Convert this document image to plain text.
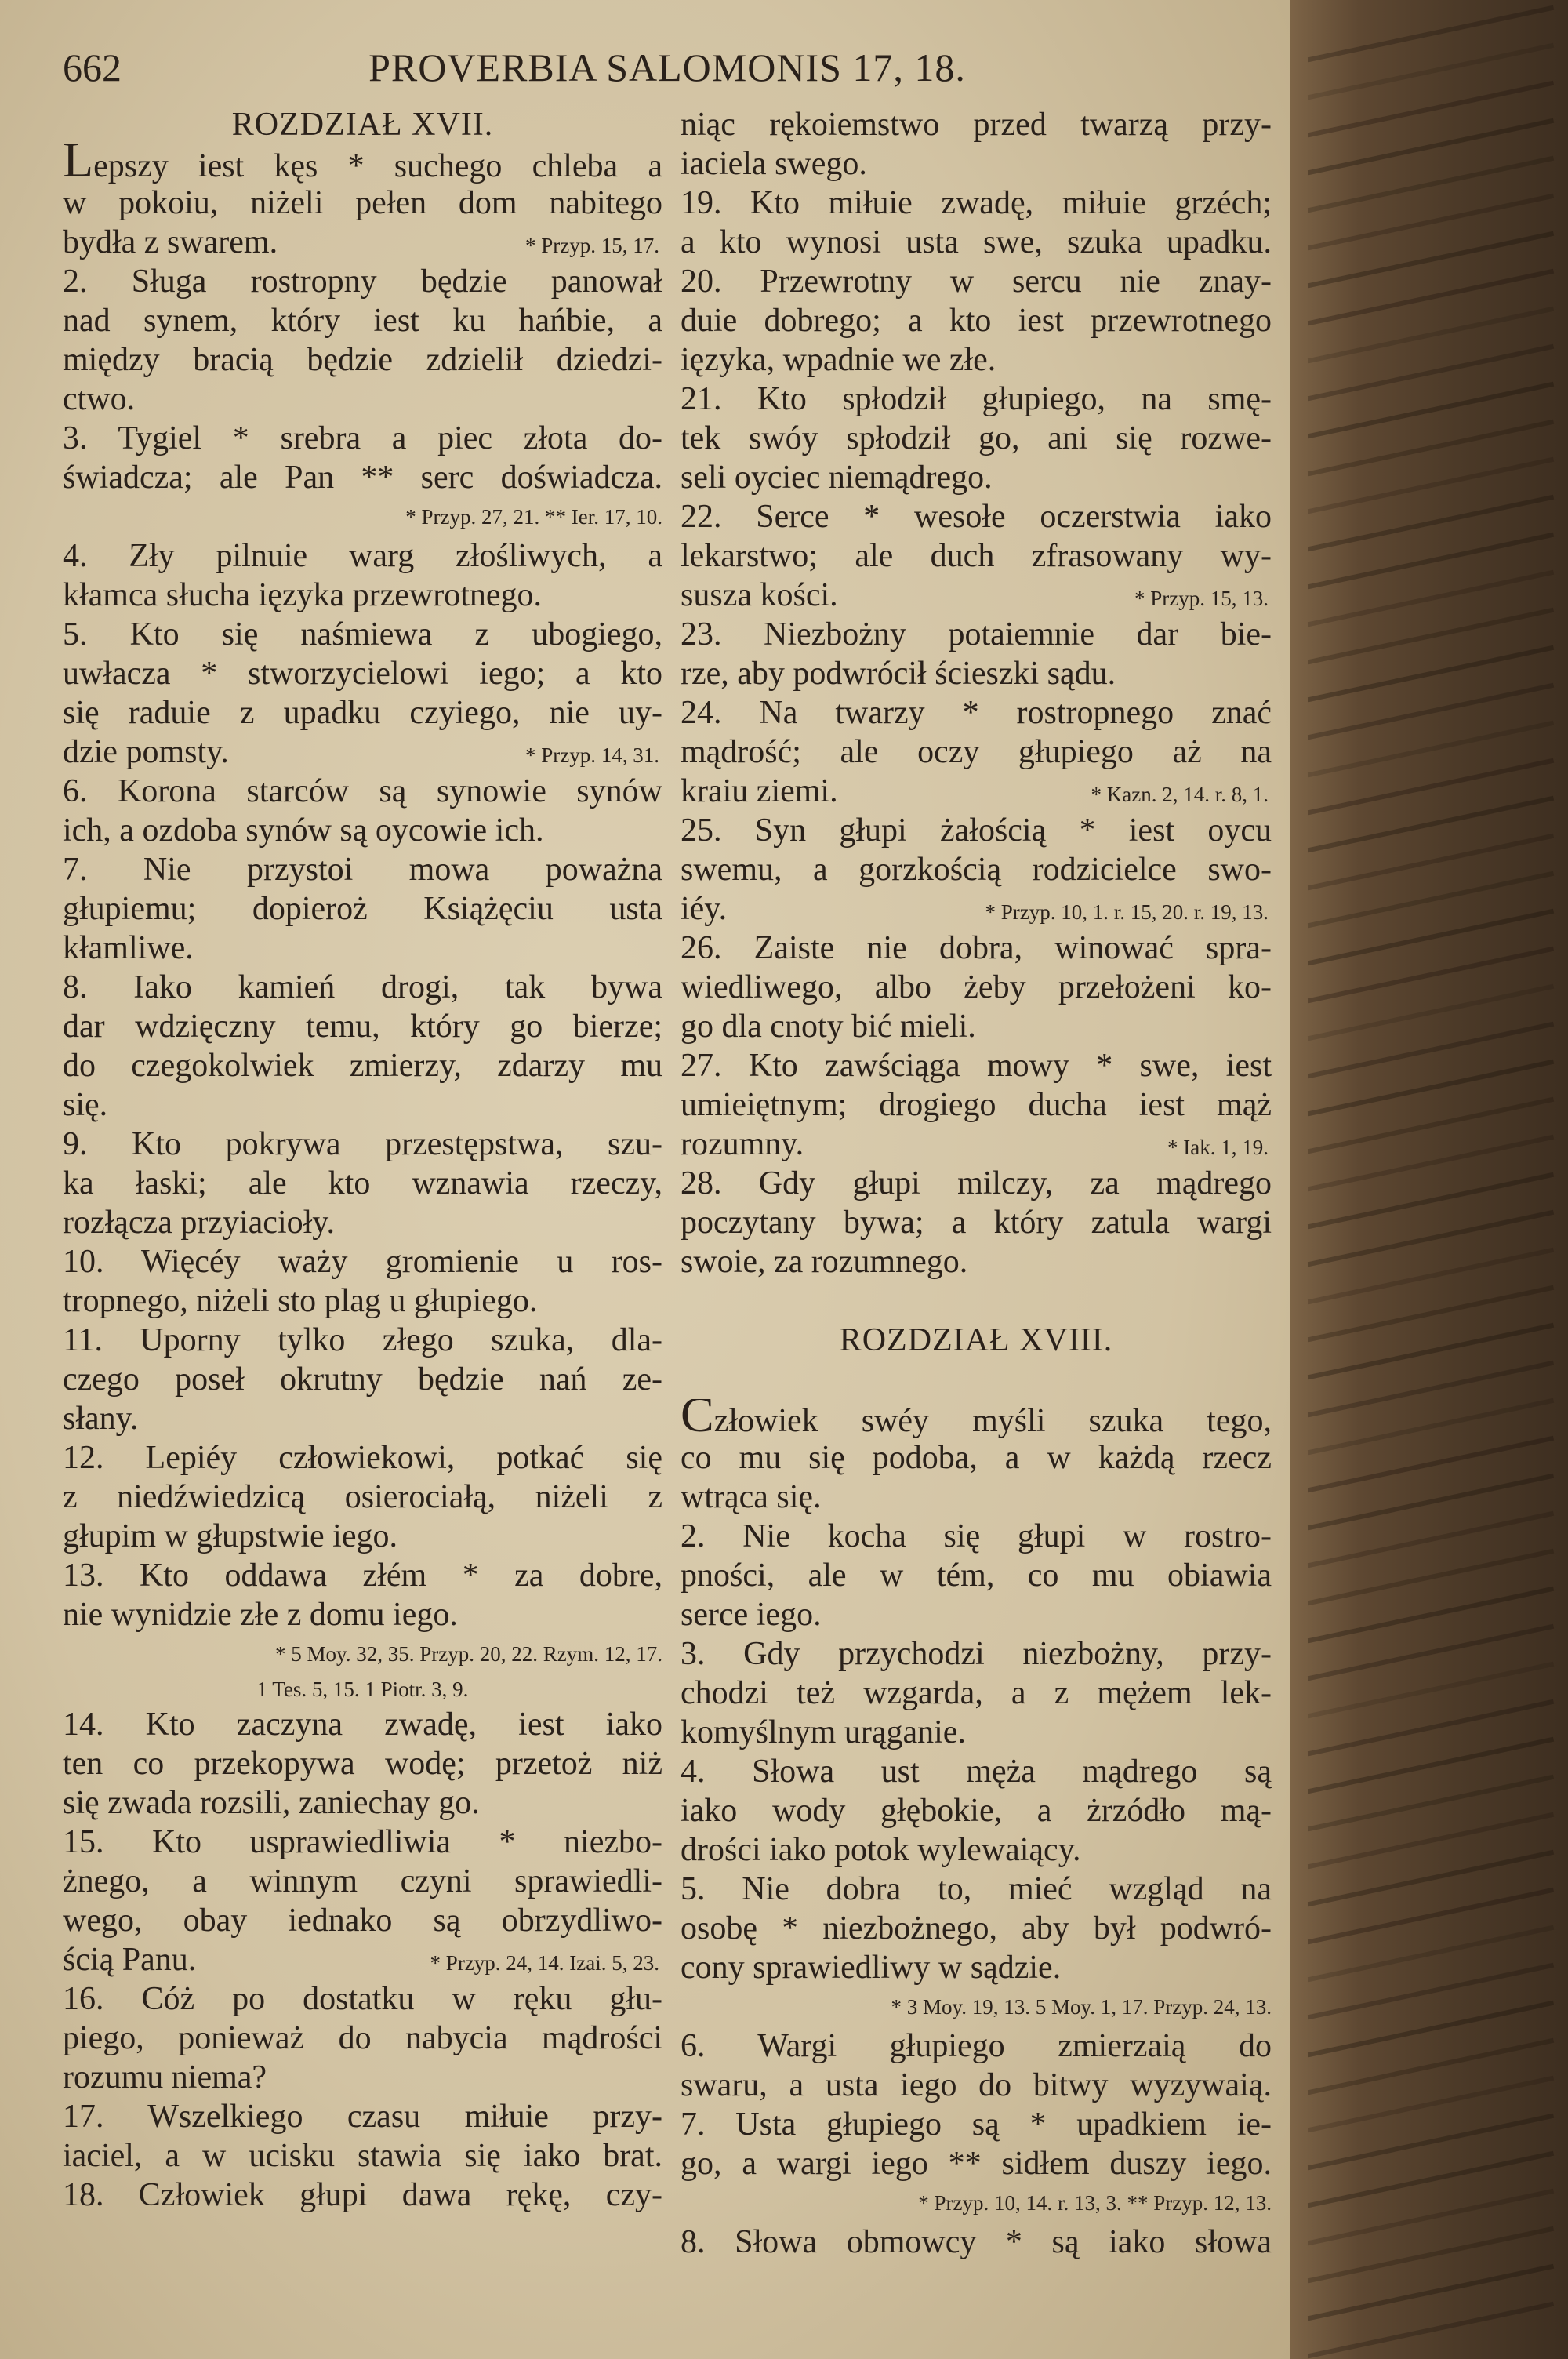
PROVERBIA SALOMONIS 17, 18.
662
ROZDZIAŁ XVII.
Lepszy iest kęs * suchego chleba a
w pokoiu, niżeli pełen dom nabitego
bydła z swarem.	* Przyp. 15, 17.
2. Sługa rostropny będzie panował
nad synem, który iest ku hańbie, a
między bracią będzie zdzielił dziedzi-
ctwo.
3. Tygiel * srebra a piec złota do-
świadcza; ale Pan ** serc doświadcza.
* Przyp. 27, 21. ** Ier. 17, 10.
4. Zły pilnuie warg złośliwych, a
kłamca słucha ięzyka przewrotnego.
5. Kto się naśmiewa z ubogiego,
uwłacza * stworzycielowi iego; a kto
się raduie z upadku czyiego, nie uy-
dzie pomsty.	* Przyp. 14, 31.
6. Korona starców są synowie synów
ich, a ozdoba synów są oycowie ich.
7. Nie przystoi mowa poważna
głupiemu; dopieroż Książęciu usta
kłamliwe.
8. Iako kamień drogi, tak bywa
dar wdzięczny temu, który go bierze;
do czegokolwiek zmierzy, zdarzy mu
się.
9. Kto pokrywa przestępstwa, szu-
ka łaski; ale kto wznawia rzeczy,
rozłącza przyiacioły.
10. Więcéy waży gromienie u ros-
tropnego, niżeli sto plag u głupiego.
11. Uporny tylko złego szuka, dla-
czego poseł okrutny będzie nań ze-
słany.
12. Lepiéy człowiekowi, potkać się
z niedźwiedzicą osierociałą, niżeli z
głupim w głupstwie iego.
13. Kto oddawa złém * za dobre,
nie wynidzie złe z domu iego.
* 5 Moy. 32, 35. Przyp. 20, 22. Rzym. 12, 17.
1 Tes. 5, 15. 1 Piotr. 3, 9.
14. Kto zaczyna zwadę, iest iako
ten co przekopywa wodę; przetoż niż
się zwada rozsili, zaniechay go.
15. Kto usprawiedliwia * niezbo-
żnego, a winnym czyni sprawiedli-
wego, obay iednako są obrzydliwo-
ścią Panu.	* Przyp. 24, 14. Izai. 5, 23.
16. Cóż po dostatku w ręku głu-
piego, ponieważ do nabycia mądrości
rozumu niema?
17. Wszelkiego czasu miłuie przy-
iaciel, a w ucisku stawia się iako brat.
18. Człowiek głupi dawa rękę, czy-
niąc rękoiemstwo przed twarzą przy-
iaciela swego.
19. Kto miłuie zwadę, miłuie grzéch;
a kto wynosi usta swe, szuka upadku.
20. Przewrotny w sercu nie znay-
duie dobrego; a kto iest przewrotnego
ięzyka, wpadnie we złe.
21. Kto spłodził głupiego, na smę-
tek swóy spłodził go, ani się rozwe-
seli oyciec niemądrego.
22. Serce * wesołe oczerstwia iako
lekarstwo; ale duch zfrasowany wy-
susza kości.	* Przyp. 15, 13.
23. Niezbożny potaiemnie dar bie-
rze, aby podwrócił ścieszki sądu.
24. Na twarzy * rostropnego znać
mądrość; ale oczy głupiego aż na
kraiu ziemi.	* Kazn. 2, 14. r. 8, 1.
25. Syn głupi żałością * iest oycu
swemu, a gorzkością rodzicielce swo-
iéy.	* Przyp. 10, 1. r. 15, 20. r. 19, 13.
26. Zaiste nie dobra, winować spra-
wiedliwego, albo żeby przełożeni ko-
go dla cnoty bić mieli.
27. Kto zawściąga mowy * swe, iest
umieiętnym; drogiego ducha iest mąż
rozumny.	* Iak. 1, 19.
28. Gdy głupi milczy, za mądrego
poczytany bywa; a który zatula wargi
swoie, za rozumnego.
ROZDZIAŁ XVIII.
Człowiek swéy myśli szuka tego,
co mu się podoba, a w każdą rzecz
wtrąca się.
2. Nie kocha się głupi w rostro-
pności, ale w tém, co mu obiawia
serce iego.
3. Gdy przychodzi niezbożny, przy-
chodzi też wzgarda, a z mężem lek-
komyślnym urąganie.
4. Słowa ust męża mądrego są
iako wody głębokie, a żrzódło mą-
drości iako potok wylewaiący.
5. Nie dobra to, mieć wzgląd na
osobę * niezbożnego, aby był podwró-
cony sprawiedliwy w sądzie.
* 3 Moy. 19, 13. 5 Moy. 1, 17. Przyp. 24, 13.
6. Wargi głupiego zmierzaią do
swaru, a usta iego do bitwy wyzywaią.
7. Usta głupiego są * upadkiem ie-
go, a wargi iego ** sidłem duszy iego.
* Przyp. 10, 14. r. 13, 3. ** Przyp. 12, 13.
8. Słowa obmowcy * są iako słowa
